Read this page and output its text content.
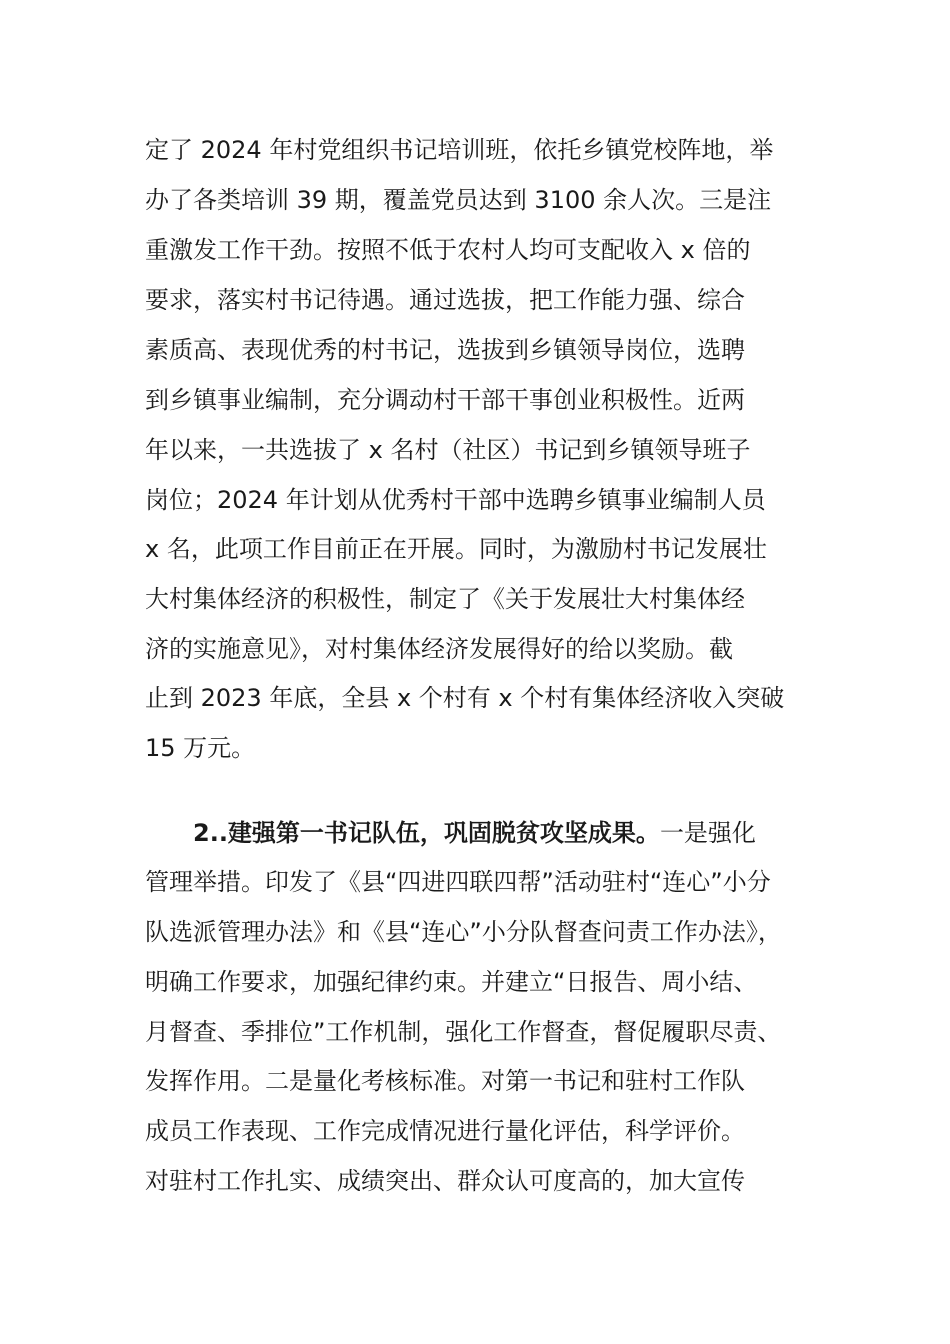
定了 2024 年村党组织书记培训班，依托乡镇党校阵地，举
办了各类培训 39 期，覆盖党员达到 3100 余人次。三是注
重激发工作干劲。按照不低于农村人均可支配收入 x 倍的
要求，落实村书记待遇。通过选拔，把工作能力强、综合
素质高、表现优秀的村书记，选拔到乡镇领导岗位，选聘
到乡镇事业编制，充分调动村干部干事创业积极性。近两
年以来，一共选拔了 x 名村（社区）书记到乡镇领导班子
岗位；2024 年计划从优秀村干部中选聘乡镇事业编制人员
x 名，此项工作目前正在开展。同时，为激励村书记发展壮
大村集体经济的积极性，制定了《关于发展壮大村集体经
济的实施意见》，对村集体经济发展得好的给以奖励。截
止到 2023 年底，全县 x 个村有 x 个村有集体经济收入突破
15 万元。
2..建强第一书记队伍，巩固脱贫攻坚成果。一是强化
管理举措。印发了《县“四进四联四帮”活动驻村“连心”小分
队选派管理办法》和《县“连心”小分队督查问责工作办法》，
明确工作要求，加强纪律约束。并建立“日报告、周小结、
月督查、季排位”工作机制，强化工作督查，督促履职尽责、
发挥作用。二是量化考核标准。对第一书记和驻村工作队
成员工作表现、工作完成情况进行量化评估，科学评价。
对驻村工作扎实、成绩突出、群众认可度高的，加大宣传
